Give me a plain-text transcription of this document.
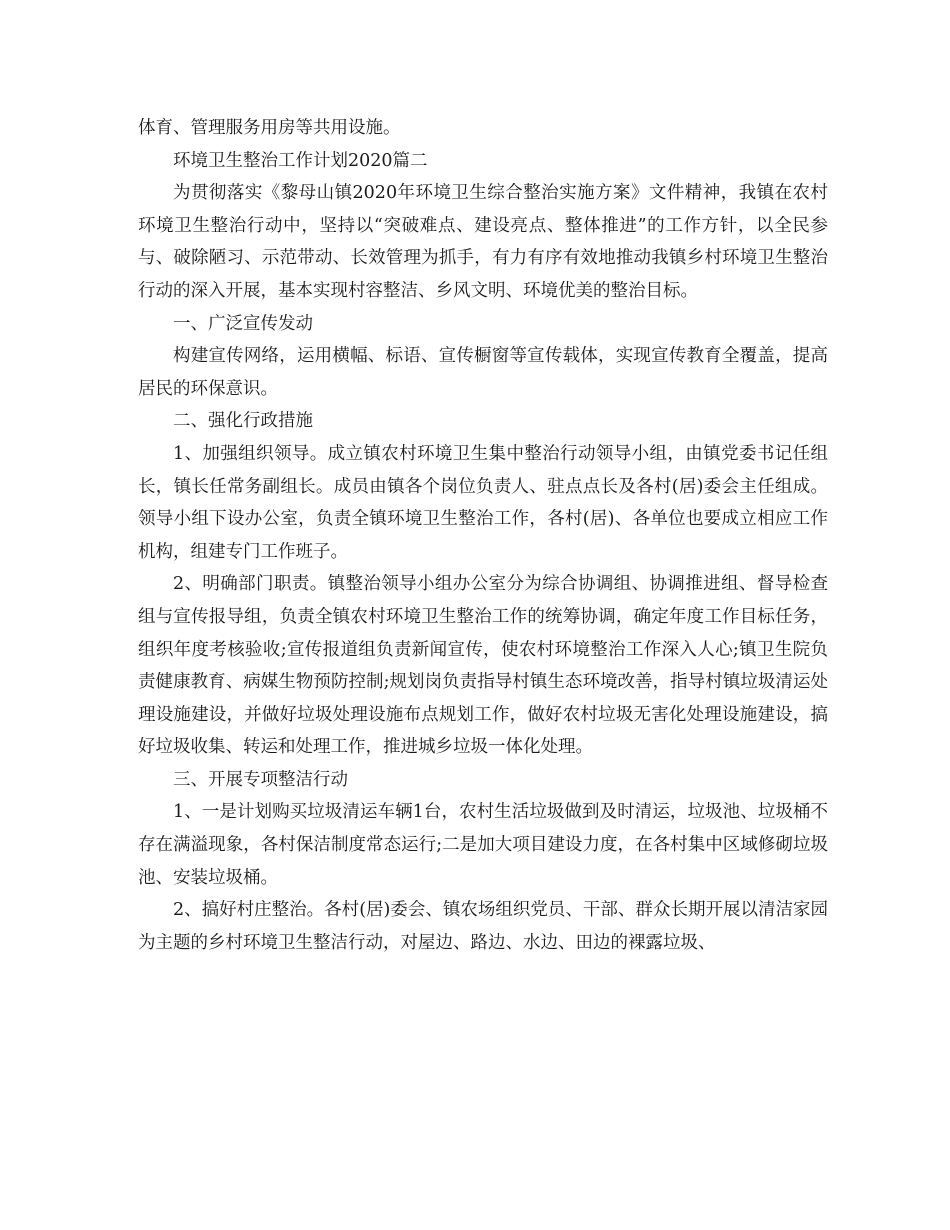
体育、管理服务用房等共用设施。

环境卫生整治工作计划2020篇二

为贯彻落实《黎母山镇2020年环境卫生综合整治实施方案》文件精神，我镇在农村环境卫生整治行动中，坚持以“突破难点、建设亮点、整体推进”的工作方针，以全民参与、破除陋习、示范带动、长效管理为抓手，有力有序有效地推动我镇乡村环境卫生整治行动的深入开展，基本实现村容整洁、乡风文明、环境优美的整治目标。

一、广泛宣传发动

构建宣传网络，运用横幅、标语、宣传橱窗等宣传载体，实现宣传教育全覆盖，提高居民的环保意识。

二、强化行政措施

1、加强组织领导。成立镇农村环境卫生集中整治行动领导小组，由镇党委书记任组长，镇长任常务副组长。成员由镇各个岗位负责人、驻点点长及各村(居)委会主任组成。领导小组下设办公室，负责全镇环境卫生整治工作，各村(居)、各单位也要成立相应工作机构，组建专门工作班子。

2、明确部门职责。镇整治领导小组办公室分为综合协调组、协调推进组、督导检查组与宣传报导组，负责全镇农村环境卫生整治工作的统筹协调，确定年度工作目标任务，组织年度考核验收;宣传报道组负责新闻宣传，使农村环境整治工作深入人心;镇卫生院负责健康教育、病媒生物预防控制;规划岗负责指导村镇生态环境改善，指导村镇垃圾清运处理设施建设，并做好垃圾处理设施布点规划工作，做好农村垃圾无害化处理设施建设，搞好垃圾收集、转运和处理工作，推进城乡垃圾一体化处理。

三、开展专项整洁行动

1、一是计划购买垃圾清运车辆1台，农村生活垃圾做到及时清运，垃圾池、垃圾桶不存在满溢现象，各村保洁制度常态运行;二是加大项目建设力度，在各村集中区域修砌垃圾池、安装垃圾桶。

2、搞好村庄整治。各村(居)委会、镇农场组织党员、干部、群众长期开展以清洁家园为主题的乡村环境卫生整洁行动，对屋边、路边、水边、田边的裸露垃圾、
